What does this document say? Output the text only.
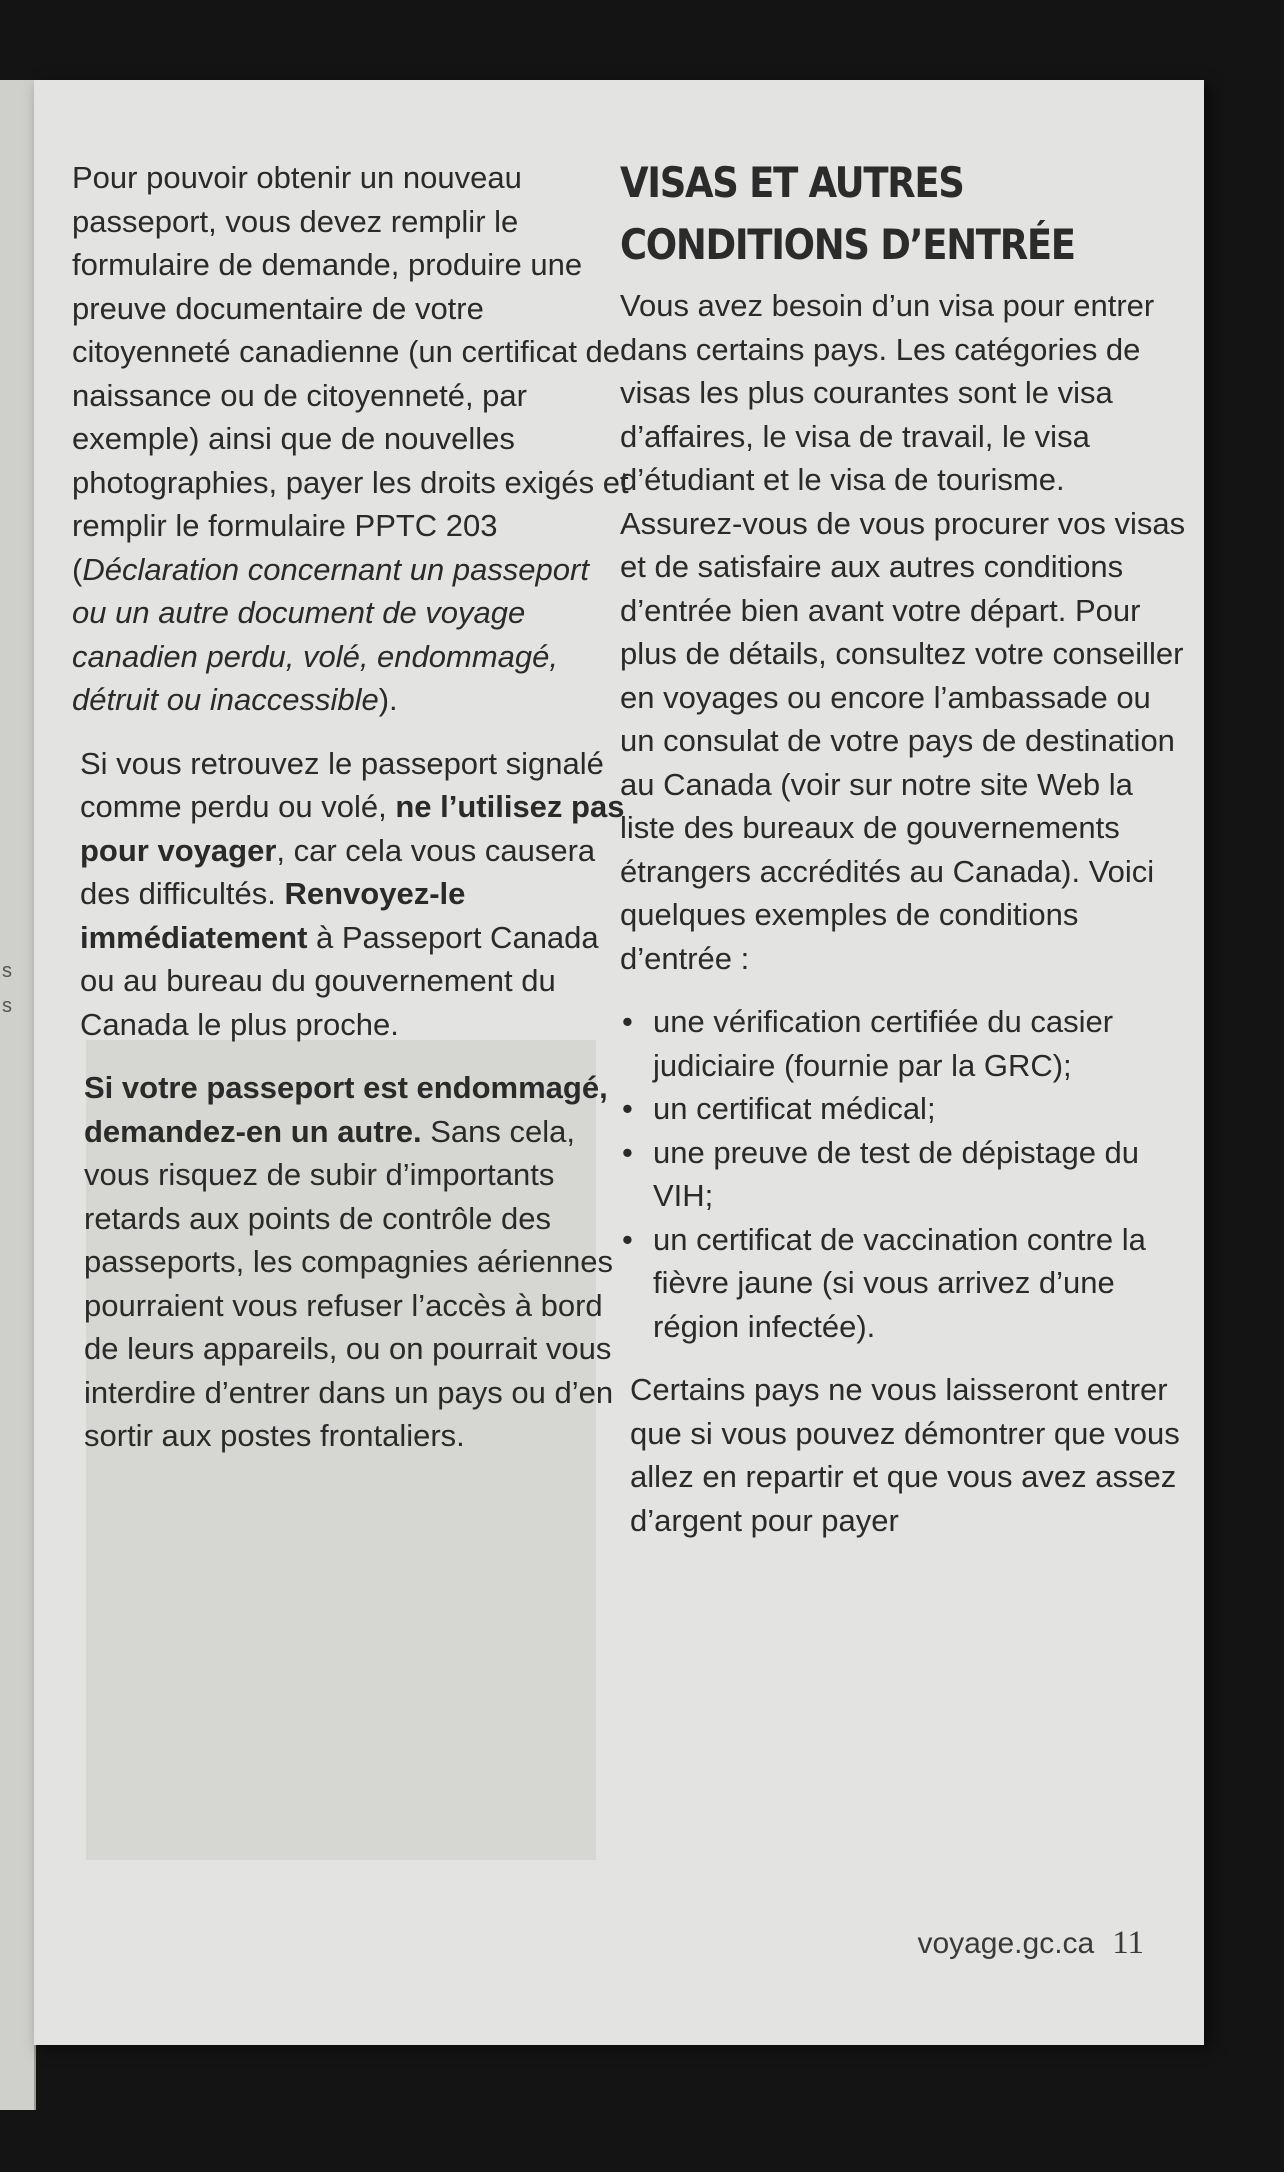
s
s

Pour pouvoir obtenir un nouveau passeport, vous devez remplir le formulaire de demande, produire une preuve documentaire de votre citoyenneté canadienne (un certificat de naissance ou de citoyenneté, par exemple) ainsi que de nouvelles photographies, payer les droits exigés et remplir le formulaire PPTC 203 (Déclaration concernant un passeport ou un autre document de voyage canadien perdu, volé, endommagé, détruit ou inaccessible).

Si vous retrouvez le passeport signalé comme perdu ou volé, ne l’utilisez pas pour voyager, car cela vous causera des difficultés. Renvoyez-le immédiatement à Passeport Canada ou au bureau du gouvernement du Canada le plus proche.

Si votre passeport est endommagé, demandez-en un autre. Sans cela, vous risquez de subir d’importants retards aux points de contrôle des passeports, les compagnies aériennes pourraient vous refuser l’accès à bord de leurs appareils, ou on pourrait vous interdire d’entrer dans un pays ou d’en sortir aux postes frontaliers.

VISAS ET AUTRES CONDITIONS D’ENTRÉE

Vous avez besoin d’un visa pour entrer dans certains pays. Les catégories de visas les plus courantes sont le visa d’affaires, le visa de travail, le visa d’étudiant et le visa de tourisme. Assurez-vous de vous procurer vos visas et de satisfaire aux autres conditions d’entrée bien avant votre départ. Pour plus de détails, consultez votre conseiller en voyages ou encore l’ambassade ou un consulat de votre pays de destination au Canada (voir sur notre site Web la liste des bureaux de gouvernements étrangers accrédités au Canada). Voici quelques exemples de conditions d’entrée :

• une vérification certifiée du casier judiciaire (fournie par la GRC);
• un certificat médical;
• une preuve de test de dépistage du VIH;
• un certificat de vaccination contre la fièvre jaune (si vous arrivez d’une région infectée).

Certains pays ne vous laisseront entrer que si vous pouvez démontrer que vous allez en repartir et que vous avez assez d’argent pour payer

voyage.gc.ca 11
